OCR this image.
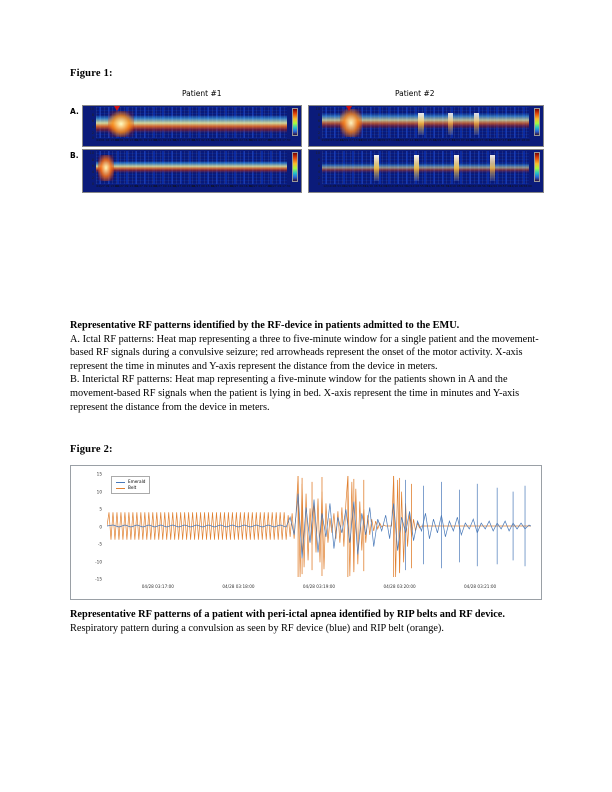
Figure 1:
Patient #1	Patient #2
A.
B.
10
8
6
4
2
0 04/01 02:13:00
04/01 02:13:30
04/01 02:14:00
04/01 02:14:30
04/01 02:15:00
04/01 02:15:30
04/01 02:16:00
04/01 02:16:30
04/01 02:17:00
04/01 02:17:30
10
8
6
4
2
0 11/09 07:12:00
11/09 07:13:00
11/09 07:13:30
11/09 07:14:00
11/09 07:14:30
11/09 07:15:00
11/09 07:15:30
11/09 07:16:00
11/09 07:16:30
11/09 07:17:00
11/09 07:18:00
10
8
6
4
2
0 04/27 09:13:00
04/27 09:13:30
04/27 09:14:00
04/27 09:14:30
04/27 09:15:00
04/27 09:15:30
04/27 09:16:00
04/27 09:16:30
04/27 09:17:00
04/27 09:17:30
10
8
6
4
2
0 12/10 08:53:00
12/10 08:53:30
12/10 08:54:00
12/10 08:54:30
12/10 08:55:00
12/10 08:55:30
12/10 08:56:00
12/10 08:56:30
12/10 08:57:00
12/10 08:58:00

Representative RF patterns identified by the RF-device in patients admitted to the EMU.

A. Ictal RF patterns: Heat map representing a three to five-minute window for a single patient and the movement-based RF signals during a convulsive seizure; red arrowheads represent the onset of the motor activity. X-axis represent the time in minutes and Y-axis represent the distance from the device in meters.

B. Interictal RF patterns: Heat map representing a five-minute window for the patients shown in A and the movement-based RF signals when the patient is lying in bed. X-axis represent the time in minutes and Y-axis represent the distance from the device in meters.

Figure 2:
Emerald
Belt
15
10
5
0
-5
-10
-15
04/28 03:17:00	04/28 03:18:00	04/28 03:19:00	04/28 03:20:00	04/28 03:21:00

Representative RF patterns of a patient with peri-ictal apnea identified by RIP belts and RF device.

Respiratory pattern during a convulsion as seen by RF device (blue) and RIP belt (orange).
